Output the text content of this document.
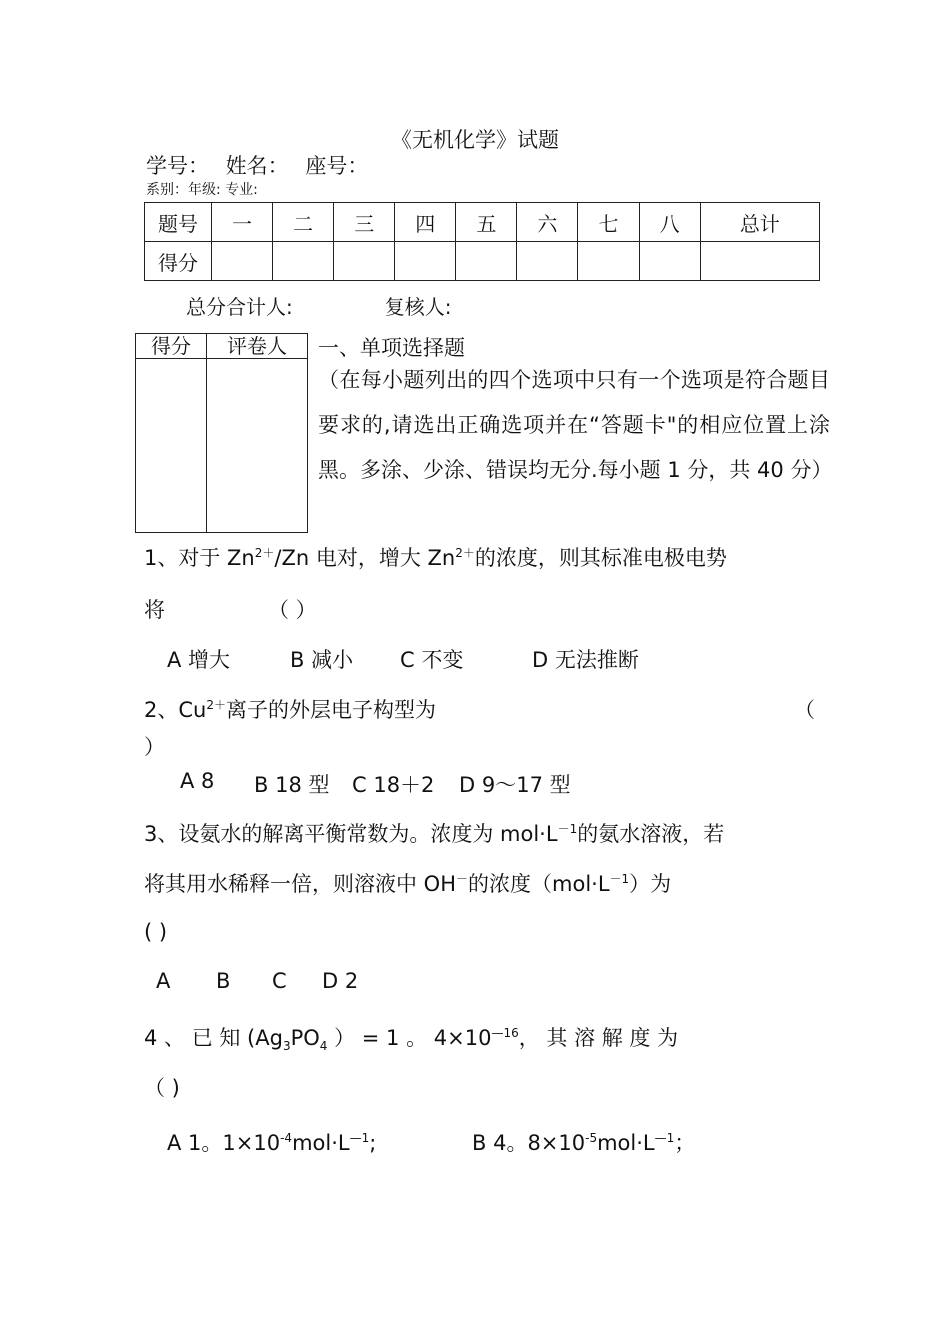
《无机化学》试题
学号： 姓名： 座号：
系别：年级: 专业:
题号	一	二	三	四	五	六	七	八	总计
得分									
总分合计人:	复核人:
得分	评卷人
	一、单项选择题
（在每小题列出的四个选项中只有一个选项是符合题目要求的,请选出正确选项并在“答题卡"的相应位置上涂黑。多涂、少涂、错误均无分.每小题 1 分，共 40 分）
1、对于 $Zn^{2+}/Zn$ 电对，增大 $Zn^{2+}$的浓度，则其标准电极电势
将	（ ）
A 增大	B 减小 C 不变	D 无法推断
2、$Cu^{2+}$离子的外层电子构型为	（
）
A 8 B 18 型 C 18＋2 D 9～17 型
3、设氨水的解离平衡常数为。浓度为 $mol\cdot L^{-1}$的氨水溶液，若
将其用水稀释一倍，则溶液中 OH－的浓度$(mol\cdot L^{-1})$为
( )
A B C D 2
4 、 已 知 ($Ag_3PO_4$ ） = 1 。 $4\times 10^{—16}$， 其 溶 解 度 为
（ )
A 1。$1\times 10^{-4}mol\cdot L^{—1}$;	B 4。$8\times 10^{-5}mol\cdot L^{—1}$；
